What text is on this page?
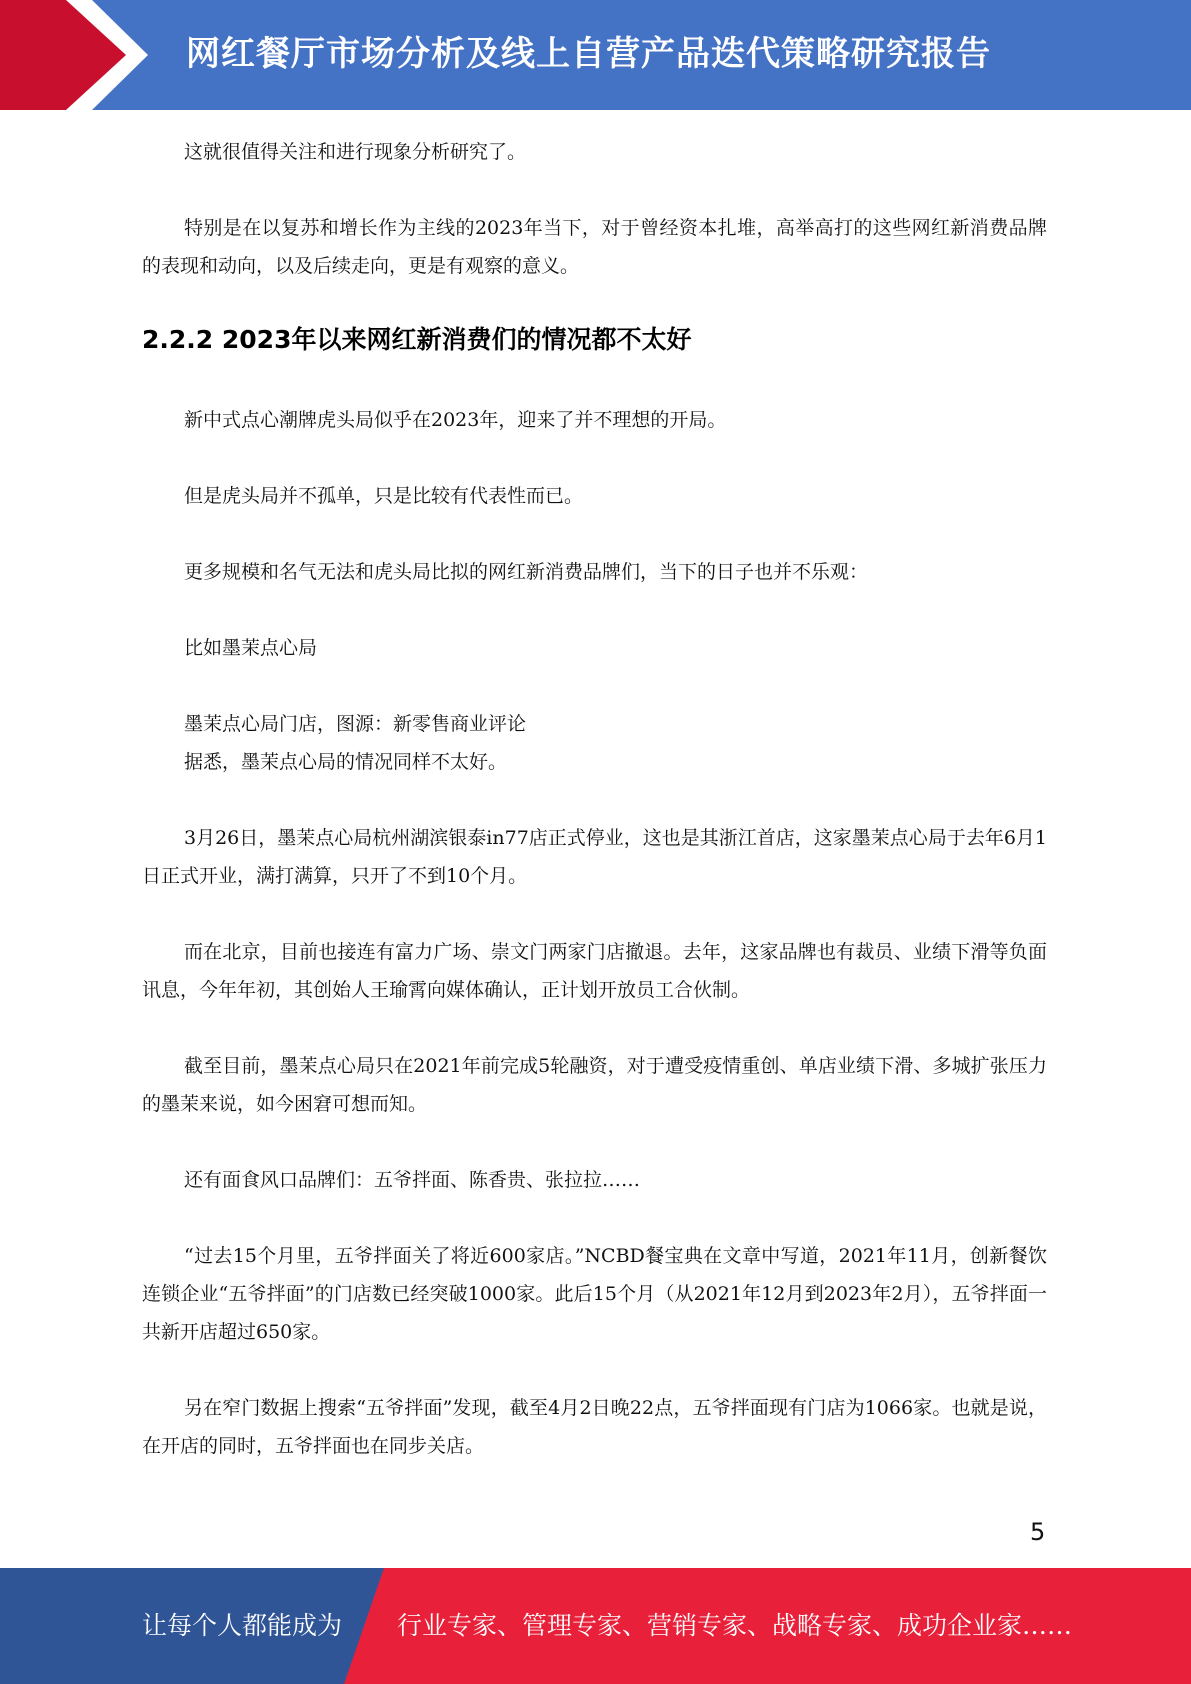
网红餐厅市场分析及线上自营产品迭代策略研究报告

这就很值得关注和进行现象分析研究了。

特别是在以复苏和增长作为主线的2023年当下，对于曾经资本扎堆，高举高打的这些网红新消费品牌的表现和动向，以及后续走向，更是有观察的意义。

2.2.2 2023年以来网红新消费们的情况都不太好

新中式点心潮牌虎头局似乎在2023年，迎来了并不理想的开局。

但是虎头局并不孤单，只是比较有代表性而已。

更多规模和名气无法和虎头局比拟的网红新消费品牌们，当下的日子也并不乐观：

比如墨茉点心局

墨茉点心局门店，图源：新零售商业评论

据悉，墨茉点心局的情况同样不太好。

3月26日，墨茉点心局杭州湖滨银泰in77店正式停业，这也是其浙江首店，这家墨茉点心局于去年6月1日正式开业，满打满算，只开了不到10个月。

而在北京，目前也接连有富力广场、崇文门两家门店撤退。去年，这家品牌也有裁员、业绩下滑等负面讯息，今年年初，其创始人王瑜霄向媒体确认，正计划开放员工合伙制。

截至目前，墨茉点心局只在2021年前完成5轮融资，对于遭受疫情重创、单店业绩下滑、多城扩张压力的墨茉来说，如今困窘可想而知。

还有面食风口品牌们：五爷拌面、陈香贵、张拉拉……

“过去15个月里，五爷拌面关了将近600家店。”NCBD餐宝典在文章中写道，2021年11月，创新餐饮连锁企业“五爷拌面”的门店数已经突破1000家。此后15个月（从2021年12月到2023年2月），五爷拌面一共新开店超过650家。

另在窄门数据上搜索“五爷拌面”发现，截至4月2日晚22点，五爷拌面现有门店为1066家。也就是说，在开店的同时，五爷拌面也在同步关店。

5
让每个人都能成为 行业专家、管理专家、营销专家、战略专家、成功企业家……
